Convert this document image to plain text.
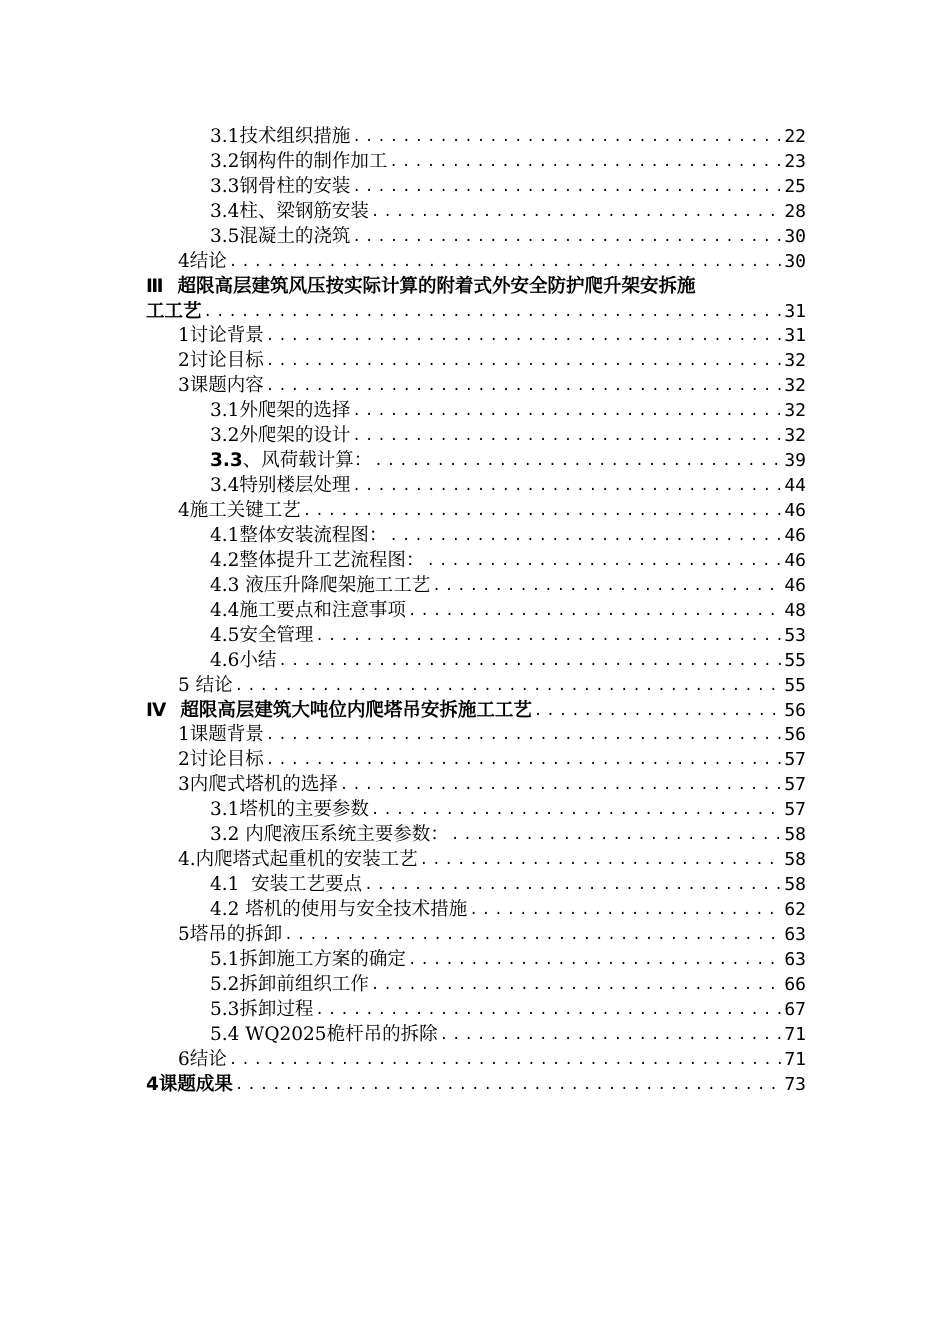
3.1技术组织措施 .....	22
3.2钢构件的制作加工 .....	23
3.3钢骨柱的安装 .....	25
3.4柱、梁钢筋安装 .....	28
3.5混凝土的浇筑 .....	30
4结论 .....	30
Ⅲ 超限高层建筑风压按实际计算的附着式外安全防护爬升架安拆施
工工艺 .....	31
1讨论背景 .....	31
2讨论目标 .....	32
3课题内容 .....	32
3.1外爬架的选择 .....	32
3.2外爬架的设计 .....	32
3.3 、风荷载计算： .....	39
3.4特别楼层处理 .....	44
4施工关键工艺 .....	46
4.1整体安装流程图： .....	46
4.2整体提升工艺流程图： .....	46
4.3 液压升降爬架施工工艺 .....	46
4.4施工要点和注意事项 .....	48
4.5安全管理 .....	53
4.6小结 .....	55
5 结论 .....	55
Ⅳ 超限高层建筑大吨位内爬塔吊安拆施工工艺 .....	56
1课题背景 .....	56
2讨论目标 .....	57
3内爬式塔机的选择 .....	57
3.1塔机的主要参数 .....	57
3.2 内爬液压系统主要参数： .....	58
4.内爬塔式起重机的安装工艺 .....	58
4.1  安装工艺要点 .....	58
4.2 塔机的使用与安全技术措施 .....	62
5塔吊的拆卸 .....	63
5.1拆卸施工方案的确定 .....	63
5.2拆卸前组织工作 .....	66
5.3拆卸过程 .....	67
5.4 WQ2025桅杆吊的拆除 .....	71
6结论 .....	71
4课题成果 .....	73
